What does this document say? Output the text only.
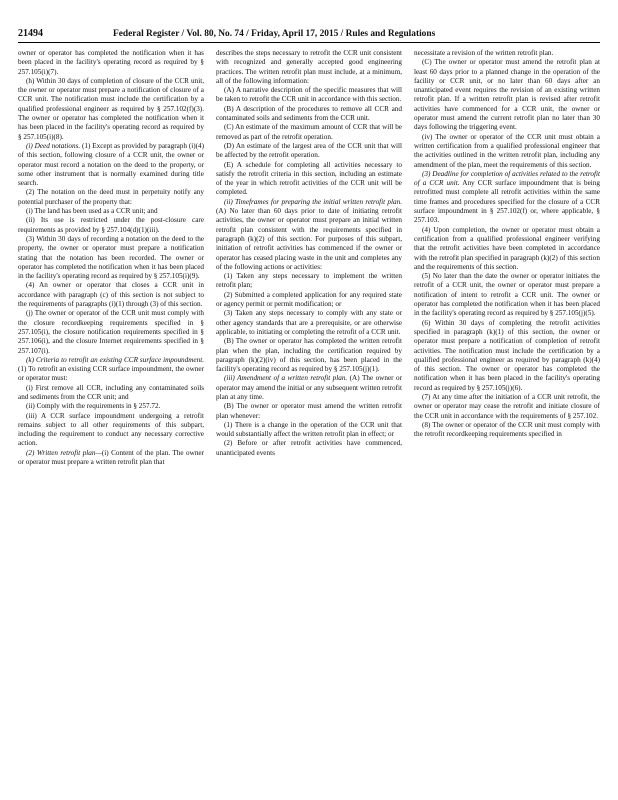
21494	Federal Register / Vol. 80, No. 74 / Friday, April 17, 2015 / Rules and Regulations

owner or operator has completed the notification when it has been placed in the facility's operating record as required by § 257.105(i)(7).

(h) Within 30 days of completion of closure of the CCR unit, the owner or operator must prepare a notification of closure of a CCR unit. The notification must include the certification by a qualified professional engineer as required by § 257.102(f)(3). The owner or operator has completed the notification when it has been placed in the facility's operating record as required by § 257.105(i)(8).

(i) Deed notations. (1) Except as provided by paragraph (i)(4) of this section, following closure of a CCR unit, the owner or operator must record a notation on the deed to the property, or some other instrument that is normally examined during title search.

(2) The notation on the deed must in perpetuity notify any potential purchaser of the property that:

(i) The land has been used as a CCR unit; and

(ii) Its use is restricted under the post-closure care requirements as provided by § 257.104(d)(1)(iii).

(3) Within 30 days of recording a notation on the deed to the property, the owner or operator must prepare a notification stating that the notation has been recorded. The owner or operator has completed the notification when it has been placed in the facility's operating record as required by § 257.105(i)(9).

(4) An owner or operator that closes a CCR unit in accordance with paragraph (c) of this section is not subject to the requirements of paragraphs (i)(1) through (3) of this section.

(j) The owner or operator of the CCR unit must comply with the closure recordkeeping requirements specified in § 257.105(i), the closure notification requirements specified in § 257.106(i), and the closure Internet requirements specified in § 257.107(i).

(k) Criteria to retrofit an existing CCR surface impoundment. (1) To retrofit an existing CCR surface impoundment, the owner or operator must:

(i) First remove all CCR, including any contaminated soils and sediments from the CCR unit; and

(ii) Comply with the requirements in § 257.72.

(iii) A CCR surface impoundment undergoing a retrofit remains subject to all other requirements of this subpart, including the requirement to conduct any necessary corrective action.

(2) Written retrofit plan—(i) Content of the plan. The owner or operator must prepare a written retrofit plan that

describes the steps necessary to retrofit the CCR unit consistent with recognized and generally accepted good engineering practices. The written retrofit plan must include, at a minimum, all of the following information:

(A) A narrative description of the specific measures that will be taken to retrofit the CCR unit in accordance with this section.

(B) A description of the procedures to remove all CCR and contaminated soils and sediments from the CCR unit.

(C) An estimate of the maximum amount of CCR that will be removed as part of the retrofit operation.

(D) An estimate of the largest area of the CCR unit that will be affected by the retrofit operation.

(E) A schedule for completing all activities necessary to satisfy the retrofit criteria in this section, including an estimate of the year in which retrofit activities of the CCR unit will be completed.

(ii) Timeframes for preparing the initial written retrofit plan. (A) No later than 60 days prior to date of initiating retrofit activities, the owner or operator must prepare an initial written retrofit plan consistent with the requirements specified in paragraph (k)(2) of this section. For purposes of this subpart, initiation of retrofit activities has commenced if the owner or operator has ceased placing waste in the unit and completes any of the following actions or activities:

(1) Taken any steps necessary to implement the written retrofit plan;

(2) Submitted a completed application for any required state or agency permit or permit modification; or

(3) Taken any steps necessary to comply with any state or other agency standards that are a prerequisite, or are otherwise applicable, to initiating or completing the retrofit of a CCR unit.

(B) The owner or operator has completed the written retrofit plan when the plan, including the certification required by paragraph (k)(2)(iv) of this section, has been placed in the facility's operating record as required by § 257.105(j)(1).

(iii) Amendment of a written retrofit plan. (A) The owner or operator may amend the initial or any subsequent written retrofit plan at any time.

(B) The owner or operator must amend the written retrofit plan whenever:

(1) There is a change in the operation of the CCR unit that would substantially affect the written retrofit plan in effect; or

(2) Before or after retrofit activities have commenced, unanticipated events

necessitate a revision of the written retrofit plan.

(C) The owner or operator must amend the retrofit plan at least 60 days prior to a planned change in the operation of the facility or CCR unit, or no later than 60 days after an unanticipated event requires the revision of an existing written retrofit plan. If a written retrofit plan is revised after retrofit activities have commenced for a CCR unit, the owner or operator must amend the current retrofit plan no later than 30 days following the triggering event.

(iv) The owner or operator of the CCR unit must obtain a written certification from a qualified professional engineer that the activities outlined in the written retrofit plan, including any amendment of the plan, meet the requirements of this section.

(3) Deadline for completion of activities related to the retrofit of a CCR unit. Any CCR surface impoundment that is being retrofitted must complete all retrofit activities within the same time frames and procedures specified for the closure of a CCR surface impoundment in § 257.102(f) or, where applicable, § 257.103.

(4) Upon completion, the owner or operator must obtain a certification from a qualified professional engineer verifying that the retrofit activities have been completed in accordance with the retrofit plan specified in paragraph (k)(2) of this section and the requirements of this section.

(5) No later than the date the owner or operator initiates the retrofit of a CCR unit, the owner or operator must prepare a notification of intent to retrofit a CCR unit. The owner or operator has completed the notification when it has been placed in the facility's operating record as required by § 257.105(j)(5).

(6) Within 30 days of completing the retrofit activities specified in paragraph (k)(1) of this section, the owner or operator must prepare a notification of completion of retrofit activities. The notification must include the certification by a qualified professional engineer as required by paragraph (k)(4) of this section. The owner or operator has completed the notification when it has been placed in the facility's operating record as required by § 257.105(j)(6).

(7) At any time after the initiation of a CCR unit retrofit, the owner or operator may cease the retrofit and initiate closure of the CCR unit in accordance with the requirements of § 257.102.

(8) The owner or operator of the CCR unit must comply with the retrofit recordkeeping requirements specified in
